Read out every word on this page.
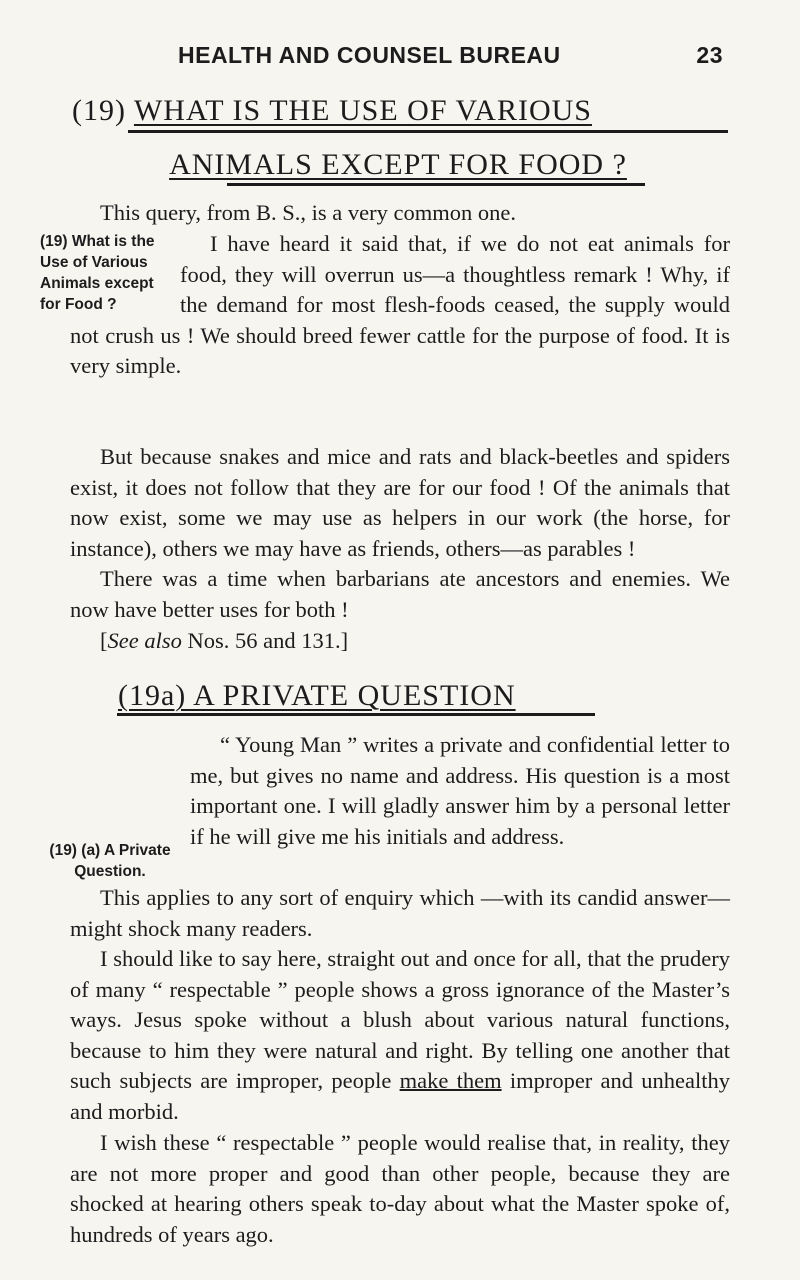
HEALTH AND COUNSEL BUREAU	23
(19) WHAT IS THE USE OF VARIOUS
ANIMALS EXCEPT FOR FOOD ?

This query, from B. S., is a very common one.

(19) What is the Use of Various Animals except for Food ?
I have heard it said that, if we do not eat animals for food, they will overrun us—a thoughtless remark ! Why, if the demand for most flesh-foods ceased, the supply would not crush us ! We should breed fewer cattle for the purpose of food. It is very simple.

But because snakes and mice and rats and black-beetles and spiders exist, it does not follow that they are for our food ! Of the animals that now exist, some we may use as helpers in our work (the horse, for instance), others we may have as friends, others—as parables !

There was a time when barbarians ate ancestors and enemies. We now have better uses for both !

[See also Nos. 56 and 131.]

(19a) A PRIVATE QUESTION

(19) (a) A Private Question.
“ Young Man ” writes a private and confidential letter to me, but gives no name and address. His question is a most important one. I will gladly answer him by a personal letter if he will give me his initials and address.

This applies to any sort of enquiry which —with its candid answer—might shock many readers.

I should like to say here, straight out and once for all, that the prudery of many “ respectable ” people shows a gross ignorance of the Master’s ways. Jesus spoke without a blush about various natural functions, because to him they were natural and right. By telling one another that such subjects are improper, people make them improper and unhealthy and morbid.

I wish these “ respectable ” people would realise that, in reality, they are not more proper and good than other people, because they are shocked at hearing others speak to-day about what the Master spoke of, hundreds of years ago.
